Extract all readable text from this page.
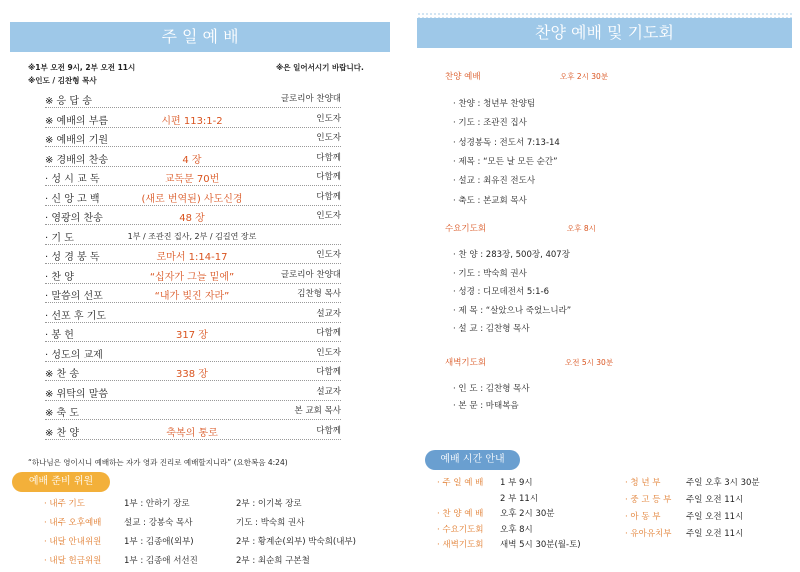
주 일 예 배
※1부 오전 9시, 2부 오전 11시	※은 일어서시기 바랍니다.
※인도 / 김찬형 목사
※ 응 답 송	글로리아 찬양대
※ 예배의 부름	시편 113:1-2	인도자
※ 예배의 기원	인도자
※ 경배의 찬송	4 장	다함께
· 성 시 교 독	교독문 70번	다함께
· 신 앙 고 백	(새로 번역된) 사도신경	다함께
· 영광의 찬송	48 장	인도자
· 기 도	1부 / 조관진 집사, 2부 / 김길연 장로
· 성 경 봉 독	로마서 1:14-17	인도자
· 찬 양	“십자가 그늘 밑에”	글로리아 찬양대
· 말씀의 선포	“내가 빚진 자라”	김찬형 목사
· 선포 후 기도	설교자
· 봉 헌	317 장	다함께
· 성도의 교제	인도자
※ 찬 송	338 장	다함께
※ 위탁의 말씀	설교자
※ 축 도	본 교회 목사
※ 찬 양	축복의 통로	다함께
“하나님은 영이시니 예배하는 자가 영과 진리로 예배할지니라” (요한복음 4:24)
예배 준비 위원
· 내주 기도	1부 : 안하기 장로	2부 : 이기복 장로
· 내주 오후예배	설교 : 강봉숙 목사	기도 : 박숙희 권사
· 내달 안내위원	1부 : 김종애(외부)	2부 : 황계순(외부) 박숙희(내부)
· 내달 헌금위원	1부 : 김종애 서선진	2부 : 최순희 구본철
찬양 예배 및 기도회
찬양 예배	오후 2시 30분
· 찬양 : 청년부 찬양팀
· 기도 : 조관진 집사
· 성경봉독 : 전도서 7:13-14
· 제목 : “모든 날 모든 순간”
· 설교 : 최유진 전도사
· 축도 : 본교회 목사
수요기도회	오후 8시
· 찬 양 : 283장, 500장, 407장
· 기도 : 박숙희 권사
· 성경 : 디모데전서 5:1-6
· 제 목 : “살았으나 죽었느니라”
· 설 교 : 김찬형 목사
새벽기도회	오전 5시 30분
· 인 도 : 김찬형 목사
· 본 문 : 마태복음
예배 시간 안내
· 주 일 예 배 1 부 9시
2 부 11시
· 찬 양 예 배 오후 2시 30분
· 수요기도회 오후 8시
· 새벽기도회 새벽 5시 30분(월-토)
· 청 년 부	주일 오후 3시 30분
· 중 고 등 부 주일 오전 11시
· 아 동 부	주일 오전 11시
· 유아유치부 주일 오전 11시
